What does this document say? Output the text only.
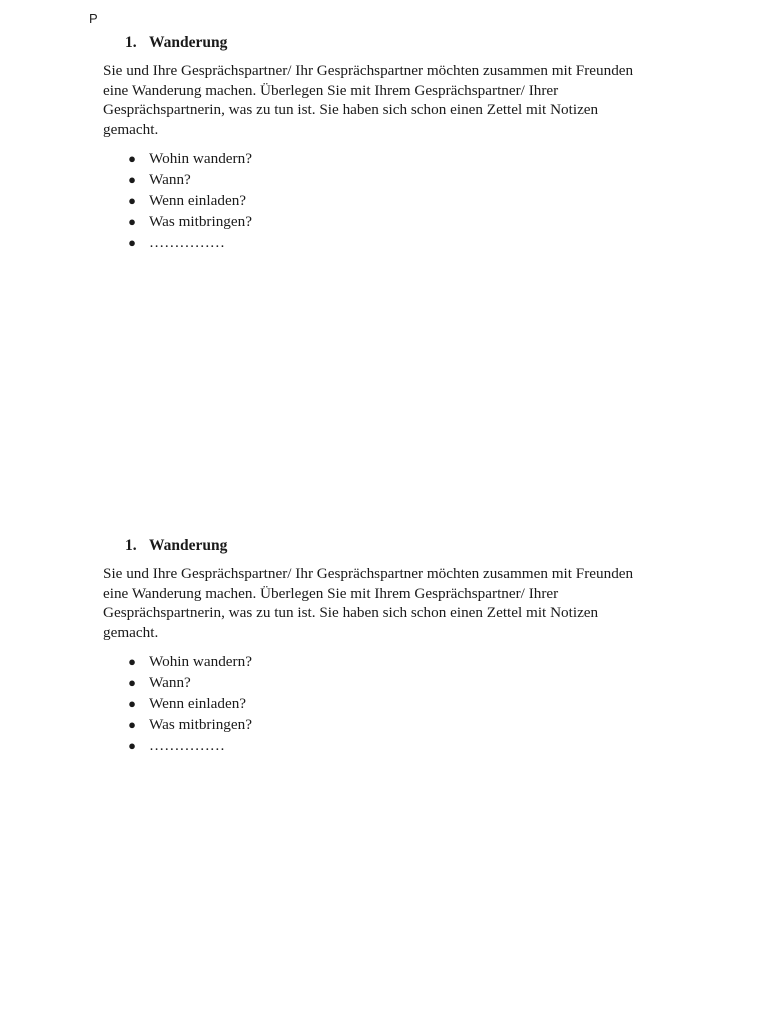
P
1. Wanderung

Sie und Ihre Gesprächspartner/ Ihr Gesprächspartner möchten zusammen mit Freunden
eine Wanderung machen. Überlegen Sie mit Ihrem Gesprächspartner/ Ihrer
Gesprächspartnerin, was zu tun ist. Sie haben sich schon einen Zettel mit Notizen
gemacht.

● Wohin wandern?
● Wann?
● Wenn einladen?
● Was mitbringen?
● ……………
1. Wanderung

Sie und Ihre Gesprächspartner/ Ihr Gesprächspartner möchten zusammen mit Freunden
eine Wanderung machen. Überlegen Sie mit Ihrem Gesprächspartner/ Ihrer
Gesprächspartnerin, was zu tun ist. Sie haben sich schon einen Zettel mit Notizen
gemacht.

● Wohin wandern?
● Wann?
● Wenn einladen?
● Was mitbringen?
● ……………
